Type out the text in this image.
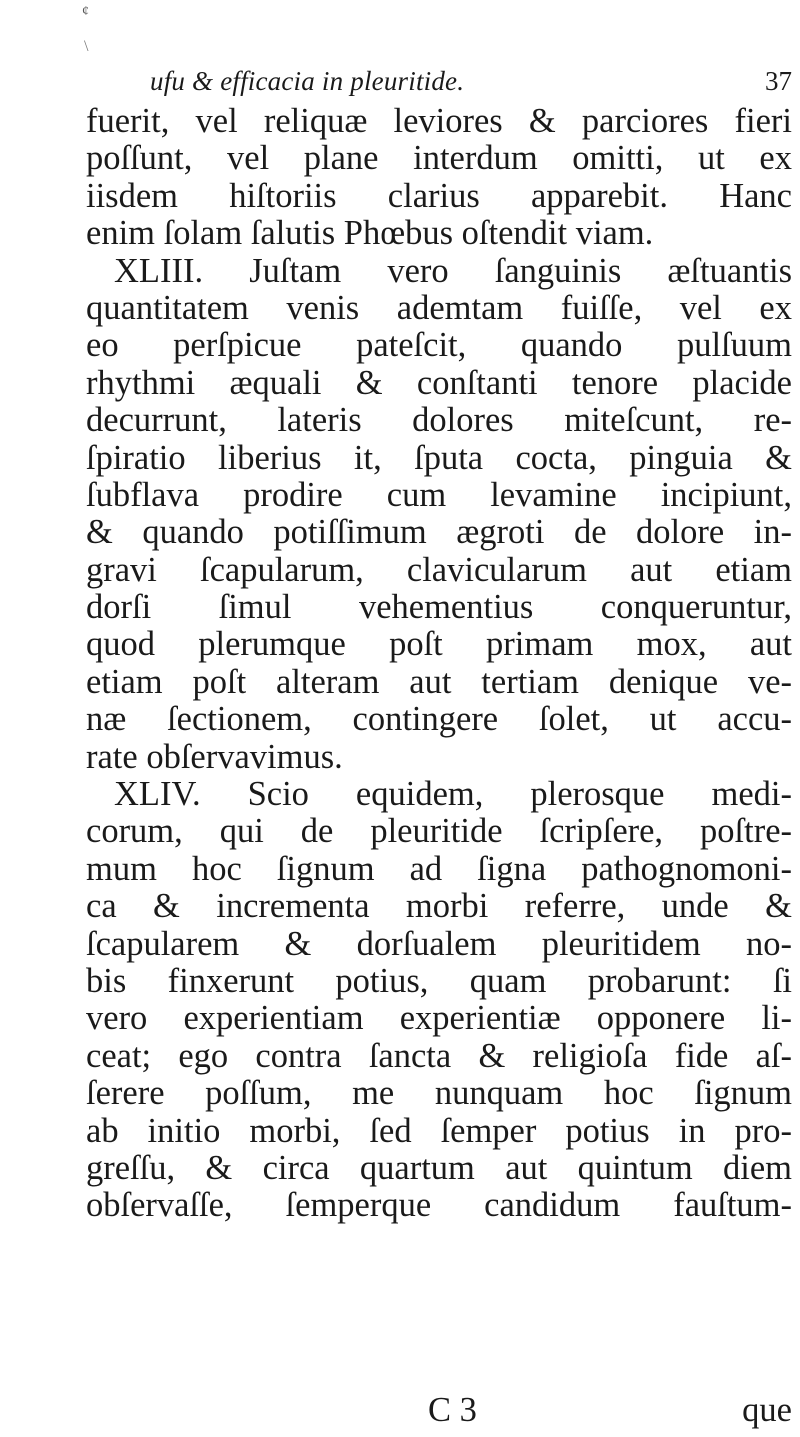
¢
\
ufu & efficacia in pleuritide.	37
fuerit, vel reliquæ leviores & parciores fieri
poſſunt, vel plane interdum omitti, ut ex
iisdem hiſtoriis clarius apparebit. Hanc
enim ſolam ſalutis Phœbus oſtendit viam.
XLIII. Juſtam vero ſanguinis æſtuantis
quantitatem venis ademtam fuiſſe, vel ex
eo perſpicue pateſcit, quando pulſuum
rhythmi æquali & conſtanti tenore placide
decurrunt, lateris dolores miteſcunt, re-
ſpiratio liberius it, ſputa cocta, pinguia &
ſubflava prodire cum levamine incipiunt,
& quando potiſſimum ægroti de dolore in-
gravi ſcapularum, clavicularum aut etiam
dorſi ſimul vehementius conqueruntur,
quod plerumque poſt primam mox, aut
etiam poſt alteram aut tertiam denique ve-
næ ſectionem, contingere ſolet, ut accu-
rate obſervavimus.
XLIV. Scio equidem, plerosque medi-
corum, qui de pleuritide ſcripſere, poſtre-
mum hoc ſignum ad ſigna pathognomoni-
ca & incrementa morbi referre, unde &
ſcapularem & dorſualem pleuritidem no-
bis finxerunt potius, quam probarunt: ſi
vero experientiam experientiæ opponere li-
ceat; ego contra ſancta & religioſa fide aſ-
ſerere poſſum, me nunquam hoc ſignum
ab initio morbi, ſed ſemper potius in pro-
greſſu, & circa quartum aut quintum diem
obſervaſſe, ſemperque candidum fauſtum-
C 3	que
